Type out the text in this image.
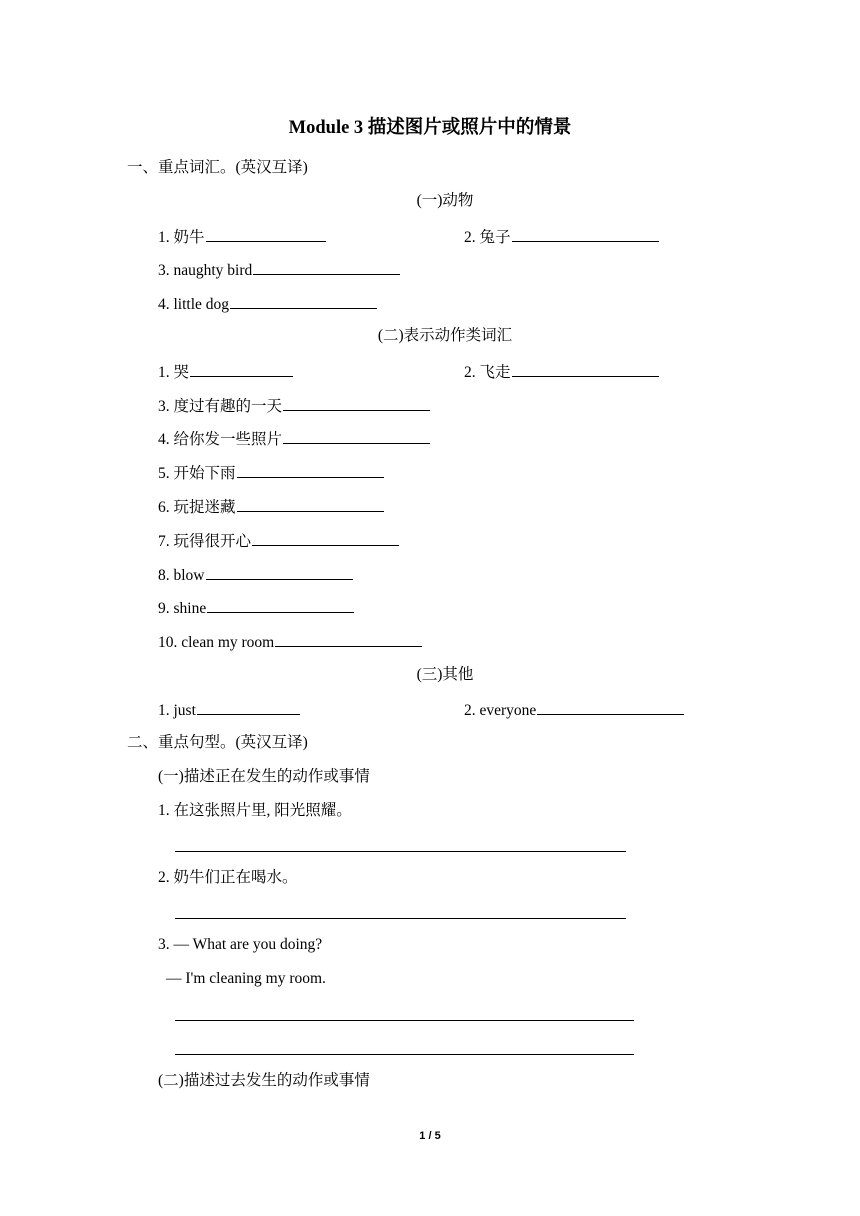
Module 3 描述图片或照片中的情景
一、重点词汇。(英汉互译)
(一)动物
1. 奶牛	2. 兔子
3. naughty bird
4. little dog
(二)表示动作类词汇
1. 哭	2. 飞走
3. 度过有趣的一天
4. 给你发一些照片
5. 开始下雨
6. 玩捉迷藏
7. 玩得很开心
8. blow
9. shine
10. clean my room
(三)其他
1. just	2. everyone
二、重点句型。(英汉互译)
(一)描述正在发生的动作或事情
1. 在这张照片里, 阳光照耀。
2. 奶牛们正在喝水。
3. — What are you doing?
— I'm cleaning my room.
(二)描述过去发生的动作或事情
1 / 5
